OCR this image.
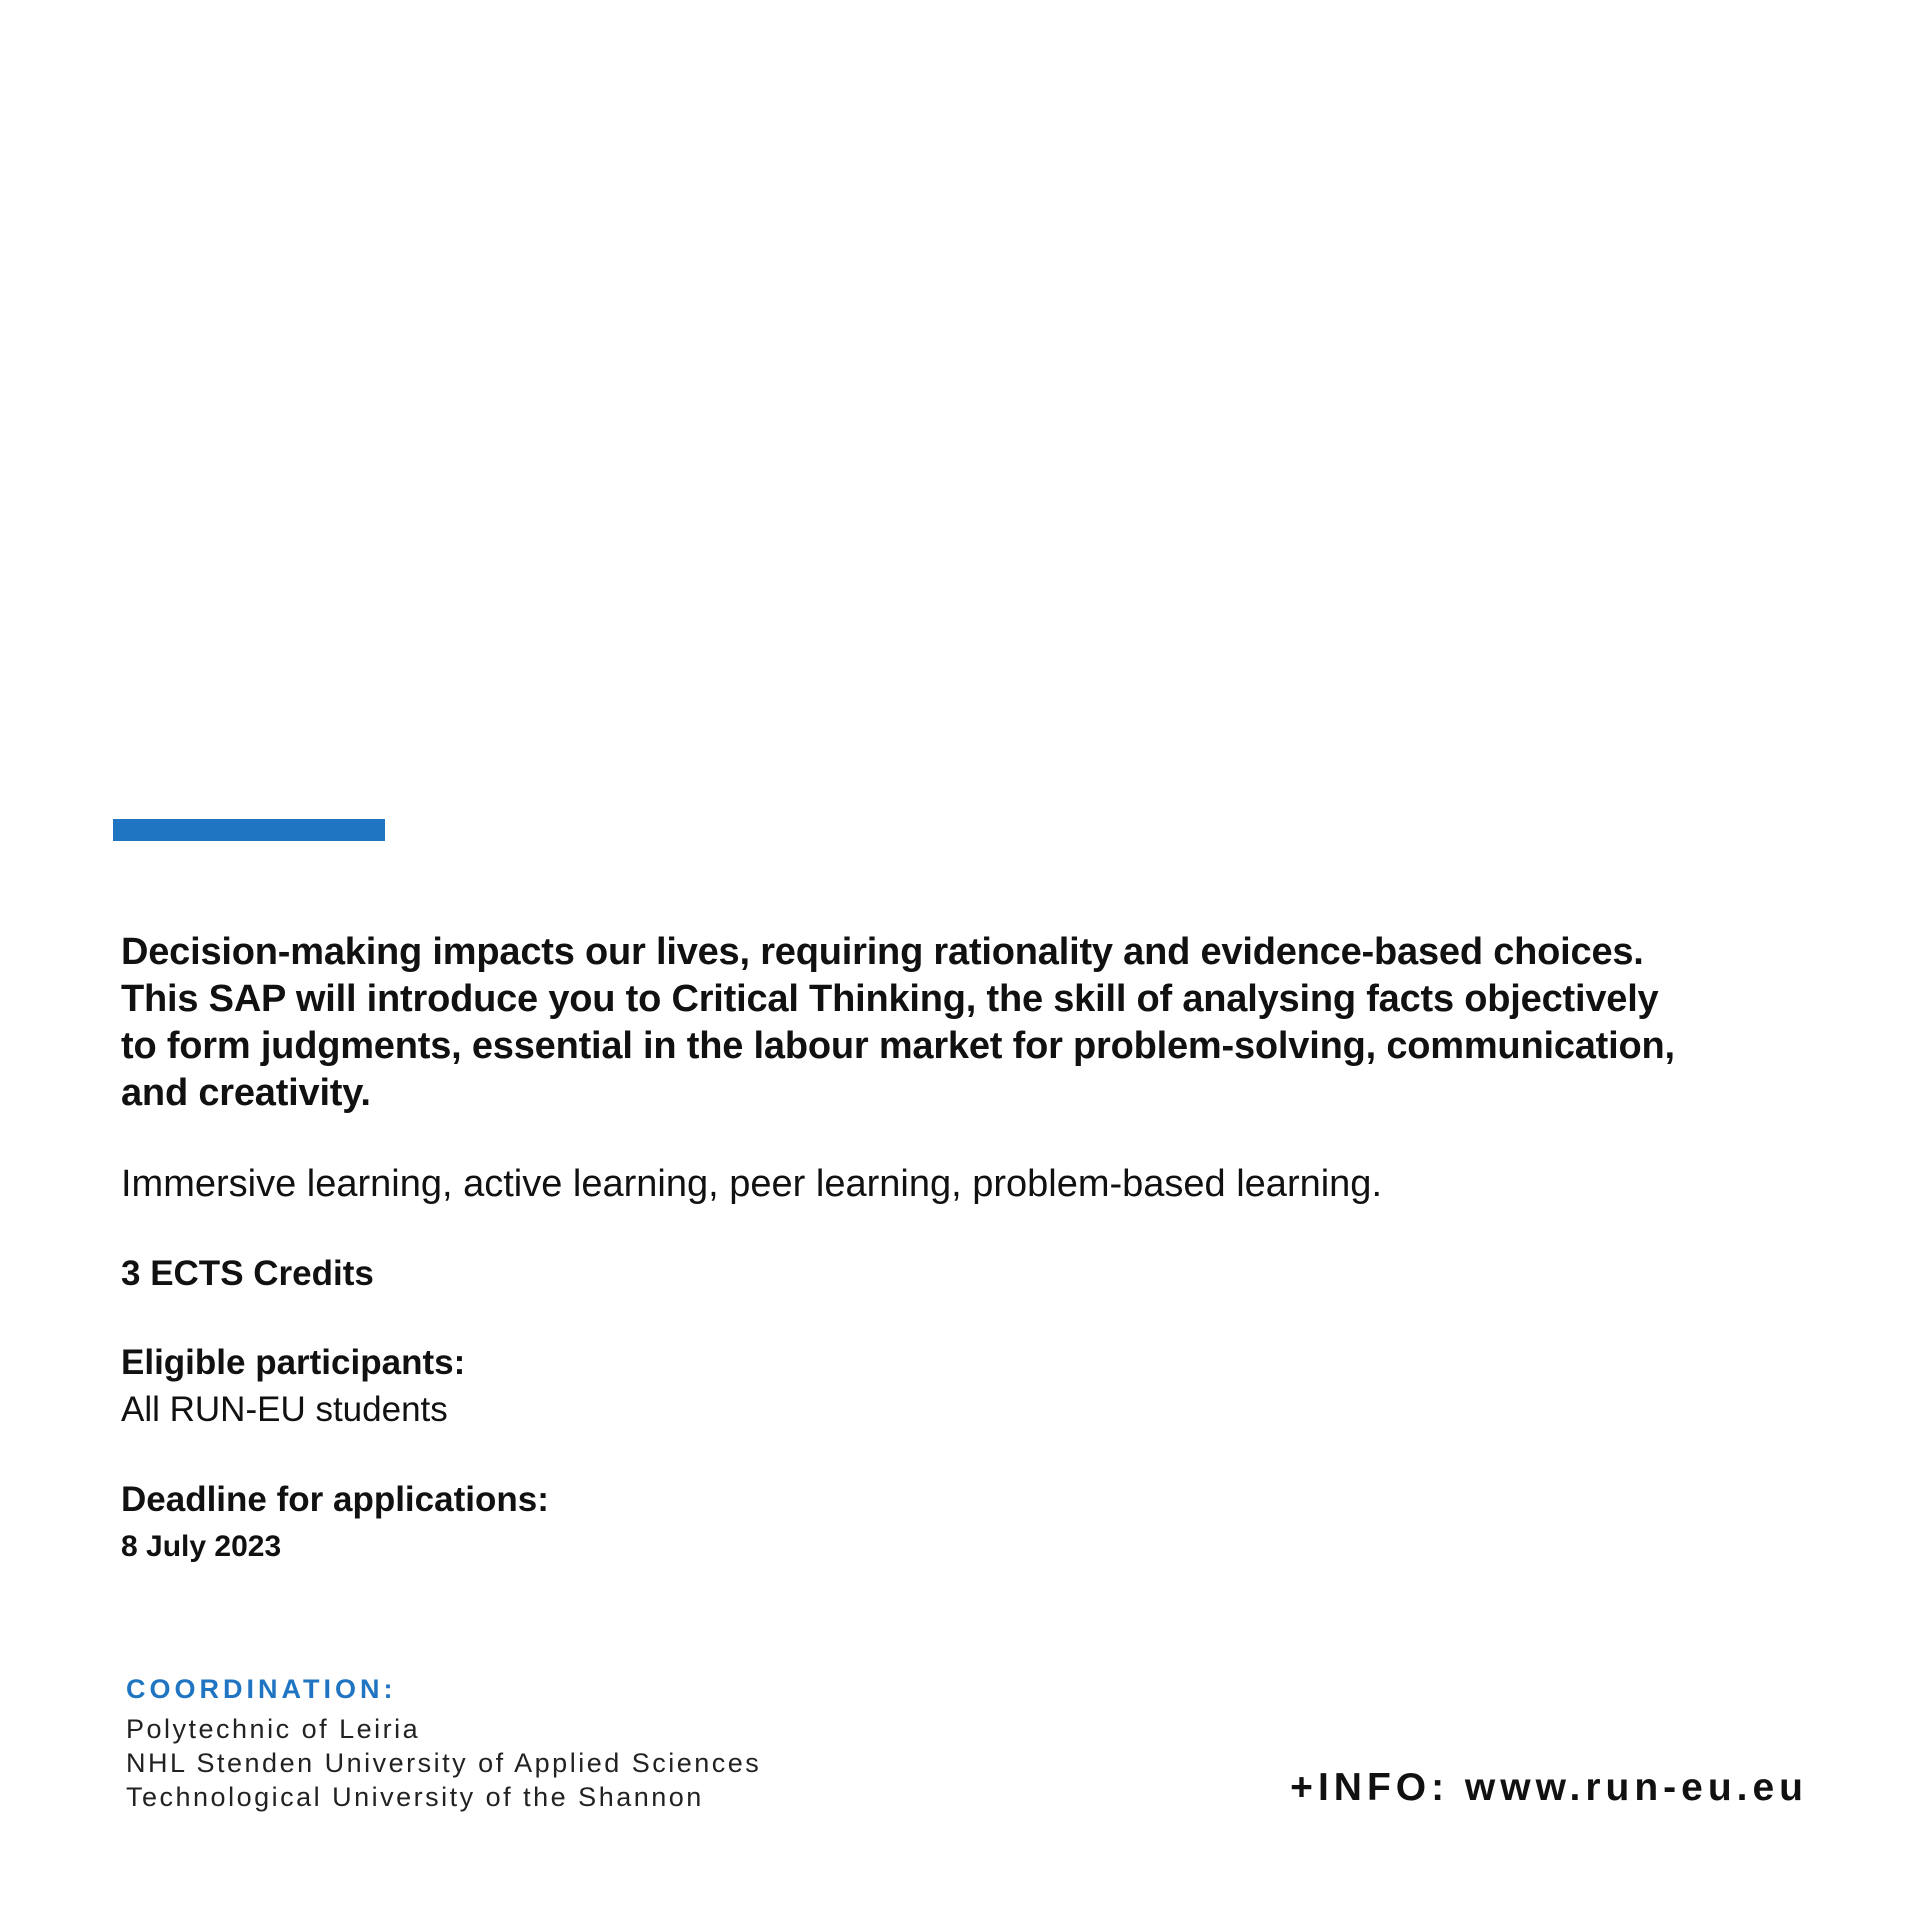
Decision-making impacts our lives, requiring rationality and evidence-based choices.
This SAP will introduce you to Critical Thinking, the skill of analysing facts objectively
to form judgments, essential in the labour market for problem-solving, communication,
and creativity.

Immersive learning, active learning, peer learning, problem-based learning.

3 ECTS Credits

Eligible participants:

All RUN-EU students

Deadline for applications:

8 July 2023

COORDINATION:

Polytechnic of Leiria
NHL Stenden University of Applied Sciences
Technological University of the Shannon	+INFO: www.run-eu.eu
